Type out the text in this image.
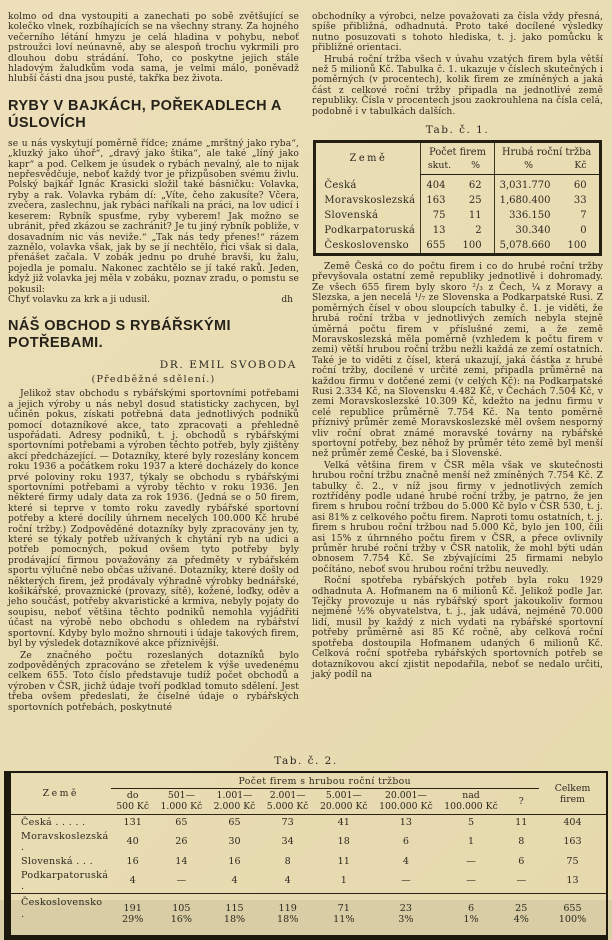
kolmo od dna vystoupiti a zanechati po sobě zvětšující se kolečko vlnek, rozbíhajících se na všechny strany. Za hojného večerního létání hmyzu je celá hladina v pohybu, neboť pstroužci loví neúnavně, aby se alespoň trochu vykrmili pro dlouhou dobu strádání. Toho, co poskytne jejich stále hladovým žaludkům voda sama, je velmi málo, poněvadž hlubší části dna jsou pusté, takřka bez života.

RYBY V BAJKÁCH, POŘEKADLECH A ÚSLOVÍCH

se u nás vyskytují poměrně řídce; známe „mrštný jako ryba“, „kluzký jako úhoř“, „dravý jako štika“, ale také „líný jako kapr“ a pod. Celkem je úsudek o rybách nevalný, ale to nijak nepřesvědčuje, neboť každý tvor je přizpůsoben svému živlu. Polský bajkář Ignác Krasicki složil také básničku: Volavka, ryby a rak. Volavka rybám dí: „Víte, čeho zakusíte? Včera, zvečera, zaslechnu, jak rybáci naříkali na práci, na lov udicí i keserem: Rybník spusťme, ryby vyberem! Jak možno se ubránit, před zkázou se zachránit? Je tu jiný rybník pobliže, v dosavadním nic vás neviže.“ „Tak nás tedy přenes!“ rázem zaznělo, volavka však, jak by se jí nechtělo, říci však si dala, přenášet začala. V zobák jednu po druhé bravši, ku žalu, pojedla je pomalu. Nakonec zachtělo se jí také raků. Jeden, když již volavka jej měla v zobáku, poznav zradu, o pomstu se pokusil:

Chyť volavku za krk a ji udusil.	dh
NÁŠ OBCHOD S RYBÁŘSKÝMI POTŘEBAMI.
DR. EMIL SVOBODA
(Předběžné sdělení.)

Jelikož stav obchodu s rybářskými sportovními potřebami a jejich výroby u nás nebyl dosud statisticky zachycen, byl učiněn pokus, získati potřebná data jednotlivých podniků pomocí dotazníkové akce, tato zpracovati a přehledně uspořádati. Adresy podniků, t. j. obchodů s rybářskými sportovními potřebami a výroben těchto potřeb, byly zjištěny akcí předcházející. — Dotazníky, které byly rozeslány koncem roku 1936 a počátkem roku 1937 a které docházely do konce prvé poloviny roku 1937, týkaly se obchodu s rybářskými sportovními potřebami a výroby těchto v roku 1936. Jen některé firmy udaly data za rok 1936. (Jedná se o 50 firem, které si teprve v tomto roku zavedly rybářské sportovní potřeby a které docílily úhrnem necelých 100.000 Kč hrubé roční tržby.) Zodpověděné dotazníky byly zpracovány jen ty, které se týkaly potřeb užívaných k chytání ryb na udici a potřeb pomocných, pokud ovšem tyto potřeby byly prodávající firmou považovány za předměty v rybářském sportu výlučně nebo občas užívané. Dotazníky, které došly od některých firem, jež prodávaly výhradně výrobky bednářské, košikářské, provaznické (provazy, sítě), kožené, loďky, oděv a jeho součást, potřeby akvaristické a krmiva, nebyly pojaty do soupisu, neboť většina těchto podniků nemohla vyjádřiti účast na výrobě nebo obchodu s ohledem na rybářství sportovní. Kdyby bylo možno shrnouti i údaje takových firem, byl by výsledek dotazníkové akce příznivější.

Ze značného počtu rozeslaných dotazníků bylo zodpověděných zpracováno se zřetelem k výše uvedenému celkem 655. Toto číslo představuje tudíž počet obchodů a výroben v ČSR, jichž údaje tvoří podklad tomuto sdělení. Jest třeba ovšem předeslati, že číselné údaje o rybářských sportovních potřebách, poskytnuté

obchodníky a výrobci, nelze považovati za čísla vždy přesná, spíše přibližná, odhadnutá. Proto také docílené výsledky nutno posuzovati s tohoto hlediska, t. j. jako pomůcku k přibližné orientaci.

Hrubá roční tržba všech v úvahu vzatých firem byla větší než 5 milionů Kč. Tabulka č. 1. ukazuje v číslech skutečných i poměrných (v procentech), kolik firem ze zmíněných a jaká část z celkové roční tržby připadla na jednotlivé země republiky. Čísla v procentech jsou zaokrouhlena na čísla celá, podobně i v tabulkách dalších.

Tab. č. 1.
Země	Počet firem		Hrubá roční tržba	
	skut.	%	%	Kč
Česká	404	62	3,031.770	60
Moravskoslezská	163	25	1,680.400	33
Slovenská	75	11	336.150	7
Podkarpatoruská	13	2	30.340	0
Československo	655	100	5,078.660	100

Země Česká co do počtu firem i co do hrubé roční tržby převyšovala ostatní země republiky jednotlivě i dohromady. Ze všech 655 firem byly skoro ²/₃ z Čech, ¼ z Moravy a Slezska, a jen necelá ¹/₇ ze Slovenska a Podkarpatské Rusi. Z poměrných čísel v obou sloupcích tabulky č. 1. je viděti, že hrubá roční tržba v jednotlivých zemích nebyla stejně úměrná počtu firem v příslušné zemi, a že země Moravskoslezská měla poměrně (vzhledem k počtu firem v zemi) větší hrubou roční tržbu nežli každá ze zemí ostatních. Také je to viděti z čísel, která ukazují, jaká částka z hrubé roční tržby, docílené v určité zemi, připadla průměrně na každou firmu v dotčené zemi (v celých Kč): na Podkarpatské Rusi 2.334 Kč, na Slovensku 4.482 Kč, v Čechách 7.504 Kč, v zemi Moravskoslezské 10.309 Kč, kdežto na jednu firmu v celé republice průměrně 7.754 Kč. Na tento poměrně příznivý průměr země Moravskoslezské měl ovšem nesporný vliv roční obrat známé moravské továrny na rybářské sportovní potřeby, bez něhož by průměr této země byl menší než průměr země České, ba i Slovenské.

Velká většina firem v ČSR měla však ve skutečnosti hrubou roční tržbu značně menší než zmíněných 7.754 Kč. Z tabulky č. 2., v níž jsou firmy v jednotlivých zemích roztříděny podle udané hrubé roční tržby, je patrno, že jen firem s hrubou roční tržbou do 5.000 Kč bylo v ČSR 530, t. j. asi 81% z celkového počtu firem. Naproti tomu ostatních, t. j. firem s hrubou roční tržbou nad 5.000 Kč, bylo jen 100, čili asi 15% z úhrnného počtu firem v ČSR, a přece ovlivnily průměr hrubé roční tržby v ČSR natolik, že mohl býti udán obnosem 7.754 Kč. Se zbývajícími 25 firmami nebylo počítáno, neboť svou hrubou roční tržbu neuvedly.

Roční spotřeba rybářských potřeb byla roku 1929 odhadnuta A. Hofmanem na 6 milionů Kč. Jelikož podle Jar. Tejčky provozuje u nás rybářský sport jakoukoliv formou nejméně ½% obyvatelstva, t. j., jak udává, nejméně 70.000 lidí, musil by každý z nich vydati na rybářské sportovní potřeby průměrně asi 85 Kč ročně, aby celková roční spotřeba dostoupila Hofmanem udaných 6 milionů Kč. Celková roční spotřeba rybářských sportovních potřeb se dotazníkovou akcí zjistit nepodařila, neboť se nedalo určiti, jaký podíl na

Tab. č. 2.
Země	Počet firem s hrubou roční tržbou								Celkem
firem
	do
500 Kč	501—
1.000 Kč	1.001—
2.000 Kč	2.001—
5.000 Kč	5.001—
20.000 Kč	20.001—
100.000 Kč	nad
100.000 Kč	?	
Česká . . . . .	131	65	65	73	41	13	5	11	404
Moravskoslezská .	40	26	30	34	18	6	1	8	163
Slovenská . . .	16	14	16	8	11	4	—	6	75
Podkarpatoruská .	4	—	4	4	1	—	—	—	13

Československo .	191
29%	105
16%	115
18%	119
18%	71
11%	23
3%	6
1%	25
4%	655
100%
